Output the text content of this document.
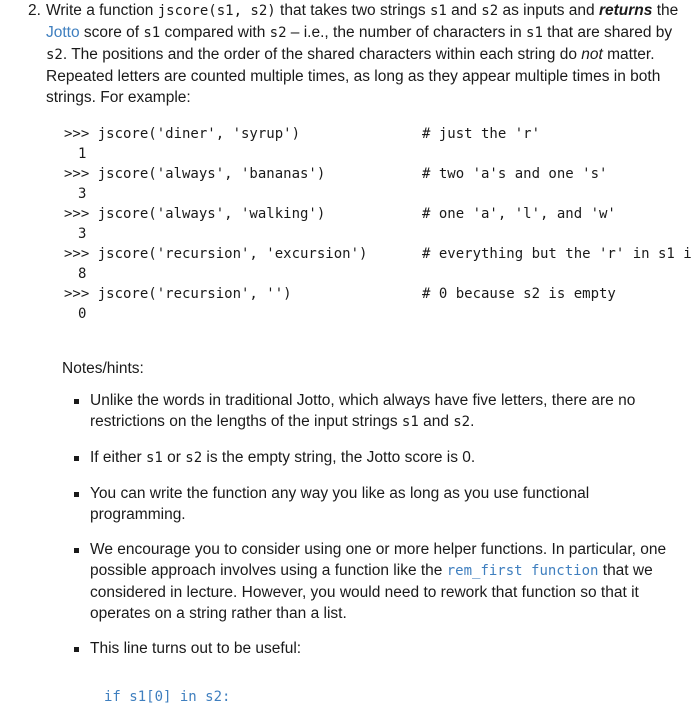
2. Write a function jscore(s1, s2) that takes two strings s1 and s2 as inputs and returns the Jotto score of s1 compared with s2 – i.e., the number of characters in s1 that are shared by s2. The positions and the order of the shared characters within each string do not matter. Repeated letters are counted multiple times, as long as they appear multiple times in both strings. For example:
>>> jscore('diner', 'syrup')
1
# just the 'r'
>>> jscore('always', 'bananas')
3
# two 'a's and one 's'
>>> jscore('always', 'walking')
3
# one 'a', 'l', and 'w'
>>> jscore('recursion', 'excursion')
8
# everything but the 'r' in s1 i
>>> jscore('recursion', '')
0
# 0 because s2 is empty
Notes/hints:
Unlike the words in traditional Jotto, which always have five letters, there are no restrictions on the lengths of the input strings s1 and s2.
If either s1 or s2 is the empty string, the Jotto score is 0.
You can write the function any way you like as long as you use functional programming.
We encourage you to consider using one or more helper functions. In particular, one possible approach involves using a function like the rem_first function that we considered in lecture. However, you would need to rework that function so that it operates on a string rather than a list.
This line turns out to be useful:
if s1[0] in s2:
